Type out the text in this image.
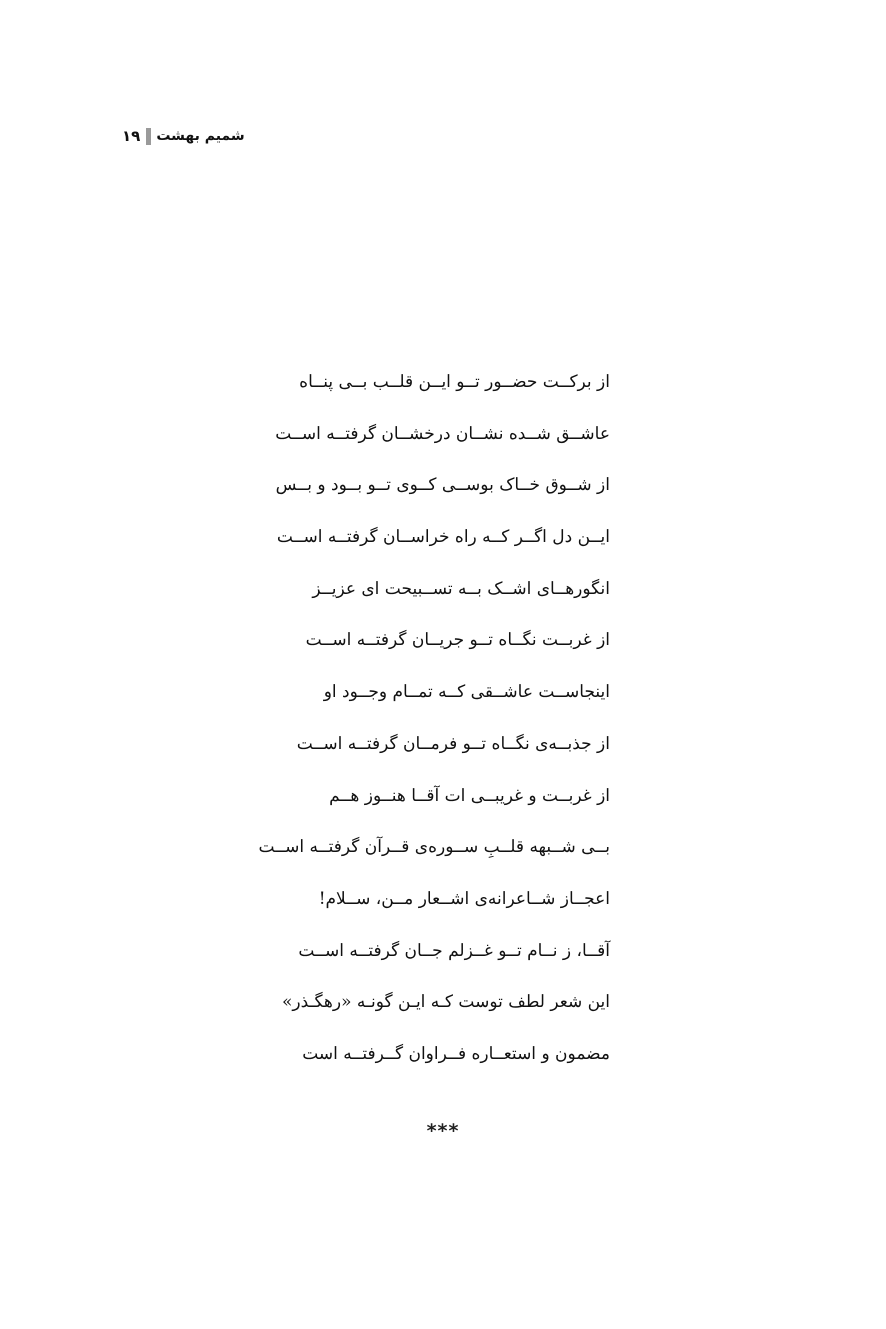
۱۹ شمیم بهشت
از برکــت حضــور تــو ایــن قلــب بــی پنــاه
عاشــق شــده نشــان درخشــان گرفتــه اســت
از شــوق خــاک بوســی کــوی تــو بــود و بــس
ایــن دل اگــر کــه راه خراســان گرفتــه اســت
انگورهــای اشــک بــه تســبیحت ای عزیــز
از غربــت نگــاه تــو جریــان گرفتــه اســت
اینجاســت عاشــقی کــه تمــام وجــود او
از جذبــه‌ی نگــاه تــو فرمــان گرفتــه اســت
از غربــت و غریبــی ات آقــا هنــوز هــم
بــی شــبهه قلــبِ ســوره‌ی قــرآن گرفتــه اســت
اعجــاز شــاعرانه‌ی اشــعار مــن، ســلام!
آقــا، ز نــام تــو غــزلم جــان گرفتــه اســت
این شعر لطف توست کـه ایـن گونـه «رهگـذر»
مضمون و استعــاره فــراوان گــرفتــه است
***
